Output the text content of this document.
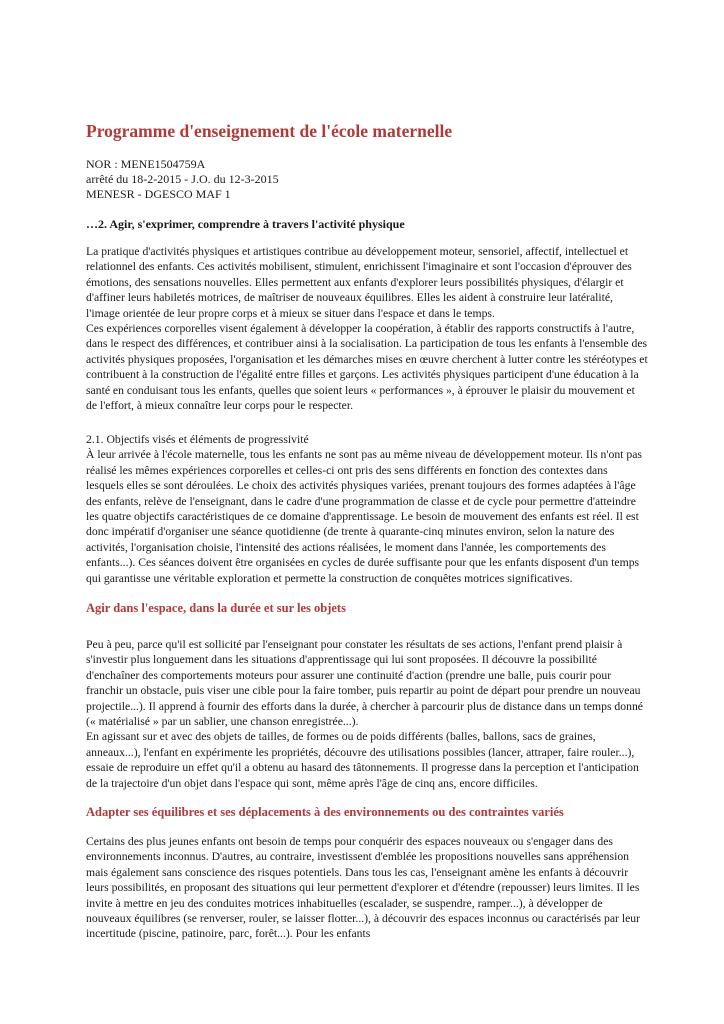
Programme d'enseignement de l'école maternelle
NOR : MENE1504759A
arrêté du 18-2-2015 - J.O. du 12-3-2015
MENESR - DGESCO MAF 1
…2. Agir, s'exprimer, comprendre à travers l'activité physique

La pratique d'activités physiques et artistiques contribue au développement moteur, sensoriel, affectif, intellectuel et relationnel des enfants. Ces activités mobilisent, stimulent, enrichissent l'imaginaire et sont l'occasion d'éprouver des émotions, des sensations nouvelles. Elles permettent aux enfants d'explorer leurs possibilités physiques, d'élargir et d'affiner leurs habiletés motrices, de maîtriser de nouveaux équilibres. Elles les aident à construire leur latéralité, l'image orientée de leur propre corps et à mieux se situer dans l'espace et dans le temps.

Ces expériences corporelles visent également à développer la coopération, à établir des rapports constructifs à l'autre, dans le respect des différences, et contribuer ainsi à la socialisation. La participation de tous les enfants à l'ensemble des activités physiques proposées, l'organisation et les démarches mises en œuvre cherchent à lutter contre les stéréotypes et contribuent à la construction de l'égalité entre filles et garçons. Les activités physiques participent d'une éducation à la santé en conduisant tous les enfants, quelles que soient leurs « performances », à éprouver le plaisir du mouvement et de l'effort, à mieux connaître leur corps pour le respecter.

2.1. Objectifs visés et éléments de progressivité

À leur arrivée à l'école maternelle, tous les enfants ne sont pas au même niveau de développement moteur. Ils n'ont pas réalisé les mêmes expériences corporelles et celles-ci ont pris des sens différents en fonction des contextes dans lesquels elles se sont déroulées. Le choix des activités physiques variées, prenant toujours des formes adaptées à l'âge des enfants, relève de l'enseignant, dans le cadre d'une programmation de classe et de cycle pour permettre d'atteindre les quatre objectifs caractéristiques de ce domaine d'apprentissage. Le besoin de mouvement des enfants est réel. Il est donc impératif d'organiser une séance quotidienne (de trente à quarante-cinq minutes environ, selon la nature des activités, l'organisation choisie, l'intensité des actions réalisées, le moment dans l'année, les comportements des enfants...). Ces séances doivent être organisées en cycles de durée suffisante pour que les enfants disposent d'un temps qui garantisse une véritable exploration et permette la construction de conquêtes motrices significatives.

Agir dans l'espace, dans la durée et sur les objets

Peu à peu, parce qu'il est sollicité par l'enseignant pour constater les résultats de ses actions, l'enfant prend plaisir à s'investir plus longuement dans les situations d'apprentissage qui lui sont proposées. Il découvre la possibilité d'enchaîner des comportements moteurs pour assurer une continuité d'action (prendre une balle, puis courir pour franchir un obstacle, puis viser une cible pour la faire tomber, puis repartir au point de départ pour prendre un nouveau projectile...). Il apprend à fournir des efforts dans la durée, à chercher à parcourir plus de distance dans un temps donné (« matérialisé » par un sablier, une chanson enregistrée...).

En agissant sur et avec des objets de tailles, de formes ou de poids différents (balles, ballons, sacs de graines, anneaux...), l'enfant en expérimente les propriétés, découvre des utilisations possibles (lancer, attraper, faire rouler...), essaie de reproduire un effet qu'il a obtenu au hasard des tâtonnements. Il progresse dans la perception et l'anticipation de la trajectoire d'un objet dans l'espace qui sont, même après l'âge de cinq ans, encore difficiles.

Adapter ses équilibres et ses déplacements à des environnements ou des contraintes variés

Certains des plus jeunes enfants ont besoin de temps pour conquérir des espaces nouveaux ou s'engager dans des environnements inconnus. D'autres, au contraire, investissent d'emblée les propositions nouvelles sans appréhension mais également sans conscience des risques potentiels. Dans tous les cas, l'enseignant amène les enfants à découvrir leurs possibilités, en proposant des situations qui leur permettent d'explorer et d'étendre (repousser) leurs limites. Il les invite à mettre en jeu des conduites motrices inhabituelles (escalader, se suspendre, ramper...), à développer de nouveaux équilibres (se renverser, rouler, se laisser flotter...), à découvrir des espaces inconnus ou caractérisés par leur incertitude (piscine, patinoire, parc, forêt...). Pour les enfants
